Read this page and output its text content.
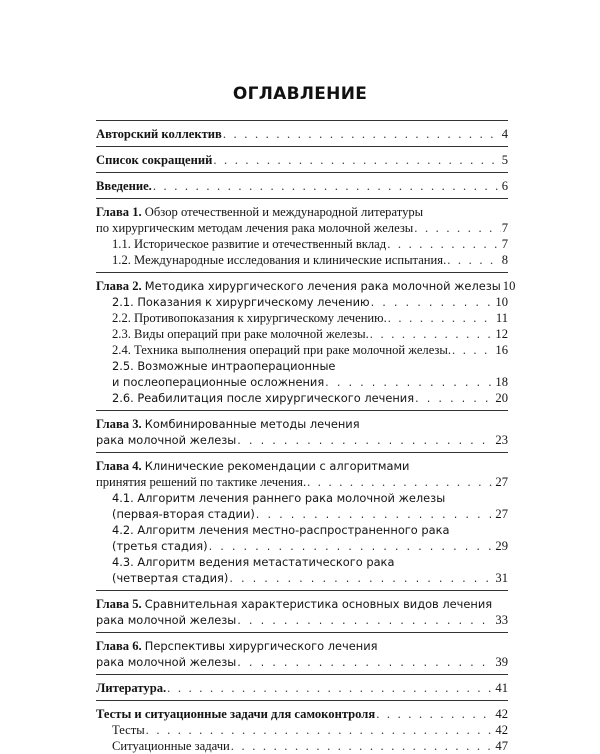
ОГЛАВЛЕНИЕ
Авторский коллектив . . .	4
Список сокращений . . .	5
Введение. . . .	6
Глава 1. Обзор отечественной и международной литературы
по хирургическим методам лечения рака молочной железы . . .	7
1.1. Историческое развитие и отечественный вклад . . .	7
1.2. Международные исследования и клинические испытания. . . .	8
Глава 2. Методика хирургического лечения рака молочной железы 10
2.1. Показания к хирургическому лечению . . .	10
2.2. Противопоказания к хирургическому лечению. . . .	11
2.3. Виды операций при раке молочной железы. . . .	12
2.4. Техника выполнения операций при раке молочной железы. . . .	16
2.5. Возможные интраоперационные
и послеоперационные осложнения . . .	18
2.6. Реабилитация после хирургического лечения . . .	20
Глава 3. Комбинированные методы лечения
рака молочной железы . . .	23
Глава 4. Клинические рекомендации с алгоритмами
принятия решений по тактике лечения. . . .	27
4.1. Алгоритм лечения раннего рака молочной железы
(первая-вторая стадии) . . .	27
4.2. Алгоритм лечения местно-распространенного рака
(третья стадия) . . .	29
4.3. Алгоритм ведения метастатического рака
(четвертая стадия) . . .	31
Глава 5. Сравнительная характеристика основных видов лечения
рака молочной железы . . .	33
Глава 6. Перспективы хирургического лечения
рака молочной железы . . .	39
Литература. . . .	41
Тесты и ситуационные задачи для самоконтроля . . .	42
Тесты . . .	42
Ситуационные задачи . . .	47
